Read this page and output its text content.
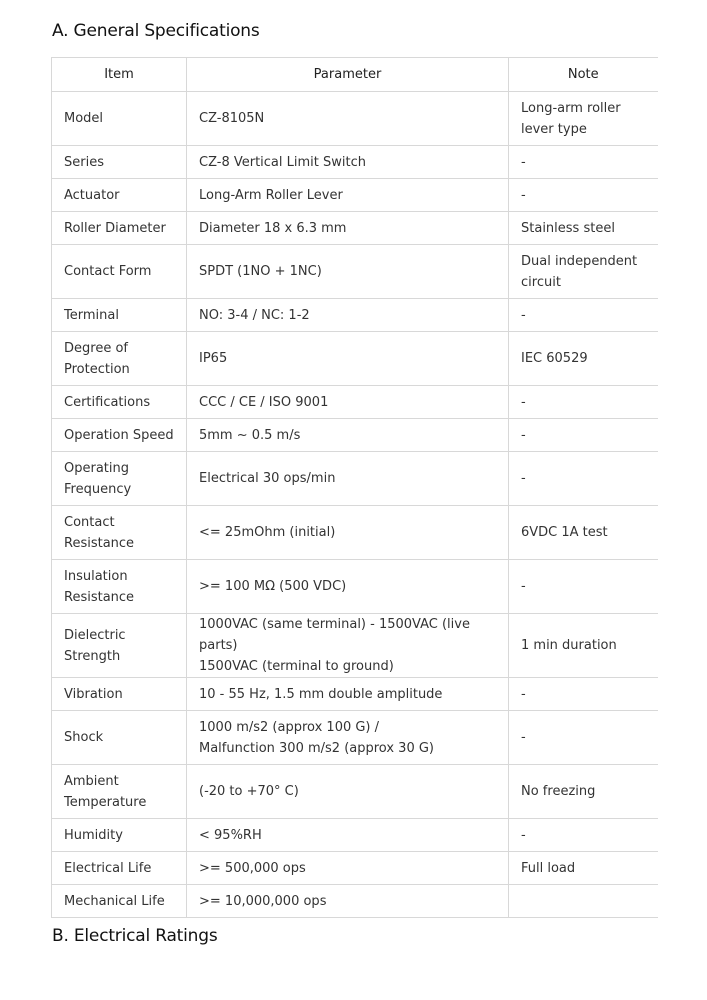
A. General Specifications
Item	Parameter	Note
Model	CZ-8105N	Long-arm roller
lever type
Series	CZ-8 Vertical Limit Switch	-
Actuator	Long-Arm Roller Lever	-
Roller Diameter	Diameter 18 x 6.3 mm	Stainless steel
Contact Form	SPDT (1NO + 1NC)	Dual independent
circuit
Terminal	NO: 3-4 / NC: 1-2	-
Degree of
Protection	IP65	IEC 60529
Certifications	CCC / CE / ISO 9001	-
Operation Speed	5mm ~ 0.5 m/s	-
Operating
Frequency	Electrical 30 ops/min	-
Contact
Resistance	<= 25mOhm (initial)	6VDC 1A test
Insulation
Resistance	>= 100 MΩ (500 VDC)	-
Dielectric
Strength	1000VAC (same terminal) - 1500VAC (live parts)
1500VAC (terminal to ground)	1 min duration
Vibration	10 - 55 Hz, 1.5 mm double amplitude	-
Shock	1000 m/s2 (approx 100 G) /
Malfunction 300 m/s2 (approx 30 G)	-
Ambient
Temperature	(-20 to +70° C)	No freezing
Humidity	< 95%RH	-
Electrical Life	>= 500,000 ops	Full load
Mechanical Life	>= 10,000,000 ops	
B. Electrical Ratings
